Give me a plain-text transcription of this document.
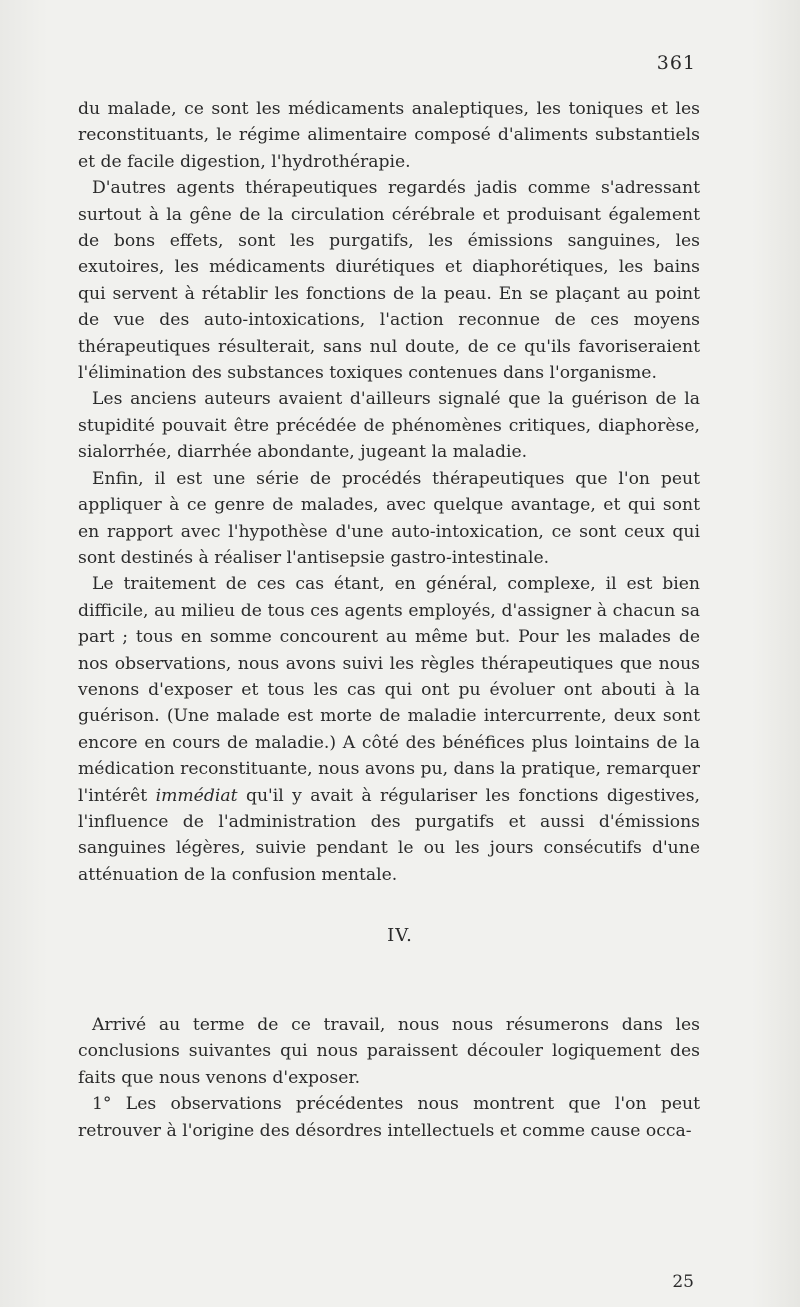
361

du malade, ce sont les médicaments analeptiques, les toniques et les reconstituants, le régime alimentaire composé d'aliments substantiels et de facile digestion, l'hydrothérapie.

D'autres agents thérapeutiques regardés jadis comme s'adressant surtout à la gêne de la circulation cérébrale et produisant également de bons effets, sont les purgatifs, les émissions sanguines, les exutoires, les médicaments diurétiques et diaphorétiques, les bains qui servent à rétablir les fonctions de la peau. En se plaçant au point de vue des auto-intoxications, l'action reconnue de ces moyens thérapeutiques résulterait, sans nul doute, de ce qu'ils favoriseraient l'élimination des substances toxiques contenues dans l'organisme.

Les anciens auteurs avaient d'ailleurs signalé que la guérison de la stupidité pouvait être précédée de phénomènes critiques, diaphorèse, sialorrhée, diarrhée abondante, jugeant la maladie.

Enfin, il est une série de procédés thérapeutiques que l'on peut appliquer à ce genre de malades, avec quelque avantage, et qui sont en rapport avec l'hypothèse d'une auto-intoxication, ce sont ceux qui sont destinés à réaliser l'antisepsie gastro-intestinale.

Le traitement de ces cas étant, en général, complexe, il est bien difficile, au milieu de tous ces agents employés, d'assigner à chacun sa part ; tous en somme concourent au même but. Pour les malades de nos observations, nous avons suivi les règles thérapeutiques que nous venons d'exposer et tous les cas qui ont pu évoluer ont abouti à la guérison. (Une malade est morte de maladie intercurrente, deux sont encore en cours de maladie.) A côté des bénéfices plus lointains de la médication reconstituante, nous avons pu, dans la pratique, remarquer l'intérêt immédiat qu'il y avait à régulariser les fonctions digestives, l'influence de l'administration des purgatifs et aussi d'émissions sanguines légères, suivie pendant le ou les jours consécutifs d'une atténuation de la confusion mentale.

IV.

Arrivé au terme de ce travail, nous nous résumerons dans les conclusions suivantes qui nous paraissent découler logiquement des faits que nous venons d'exposer.

1° Les observations précédentes nous montrent que l'on peut retrouver à l'origine des désordres intellectuels et comme cause occa-

25
